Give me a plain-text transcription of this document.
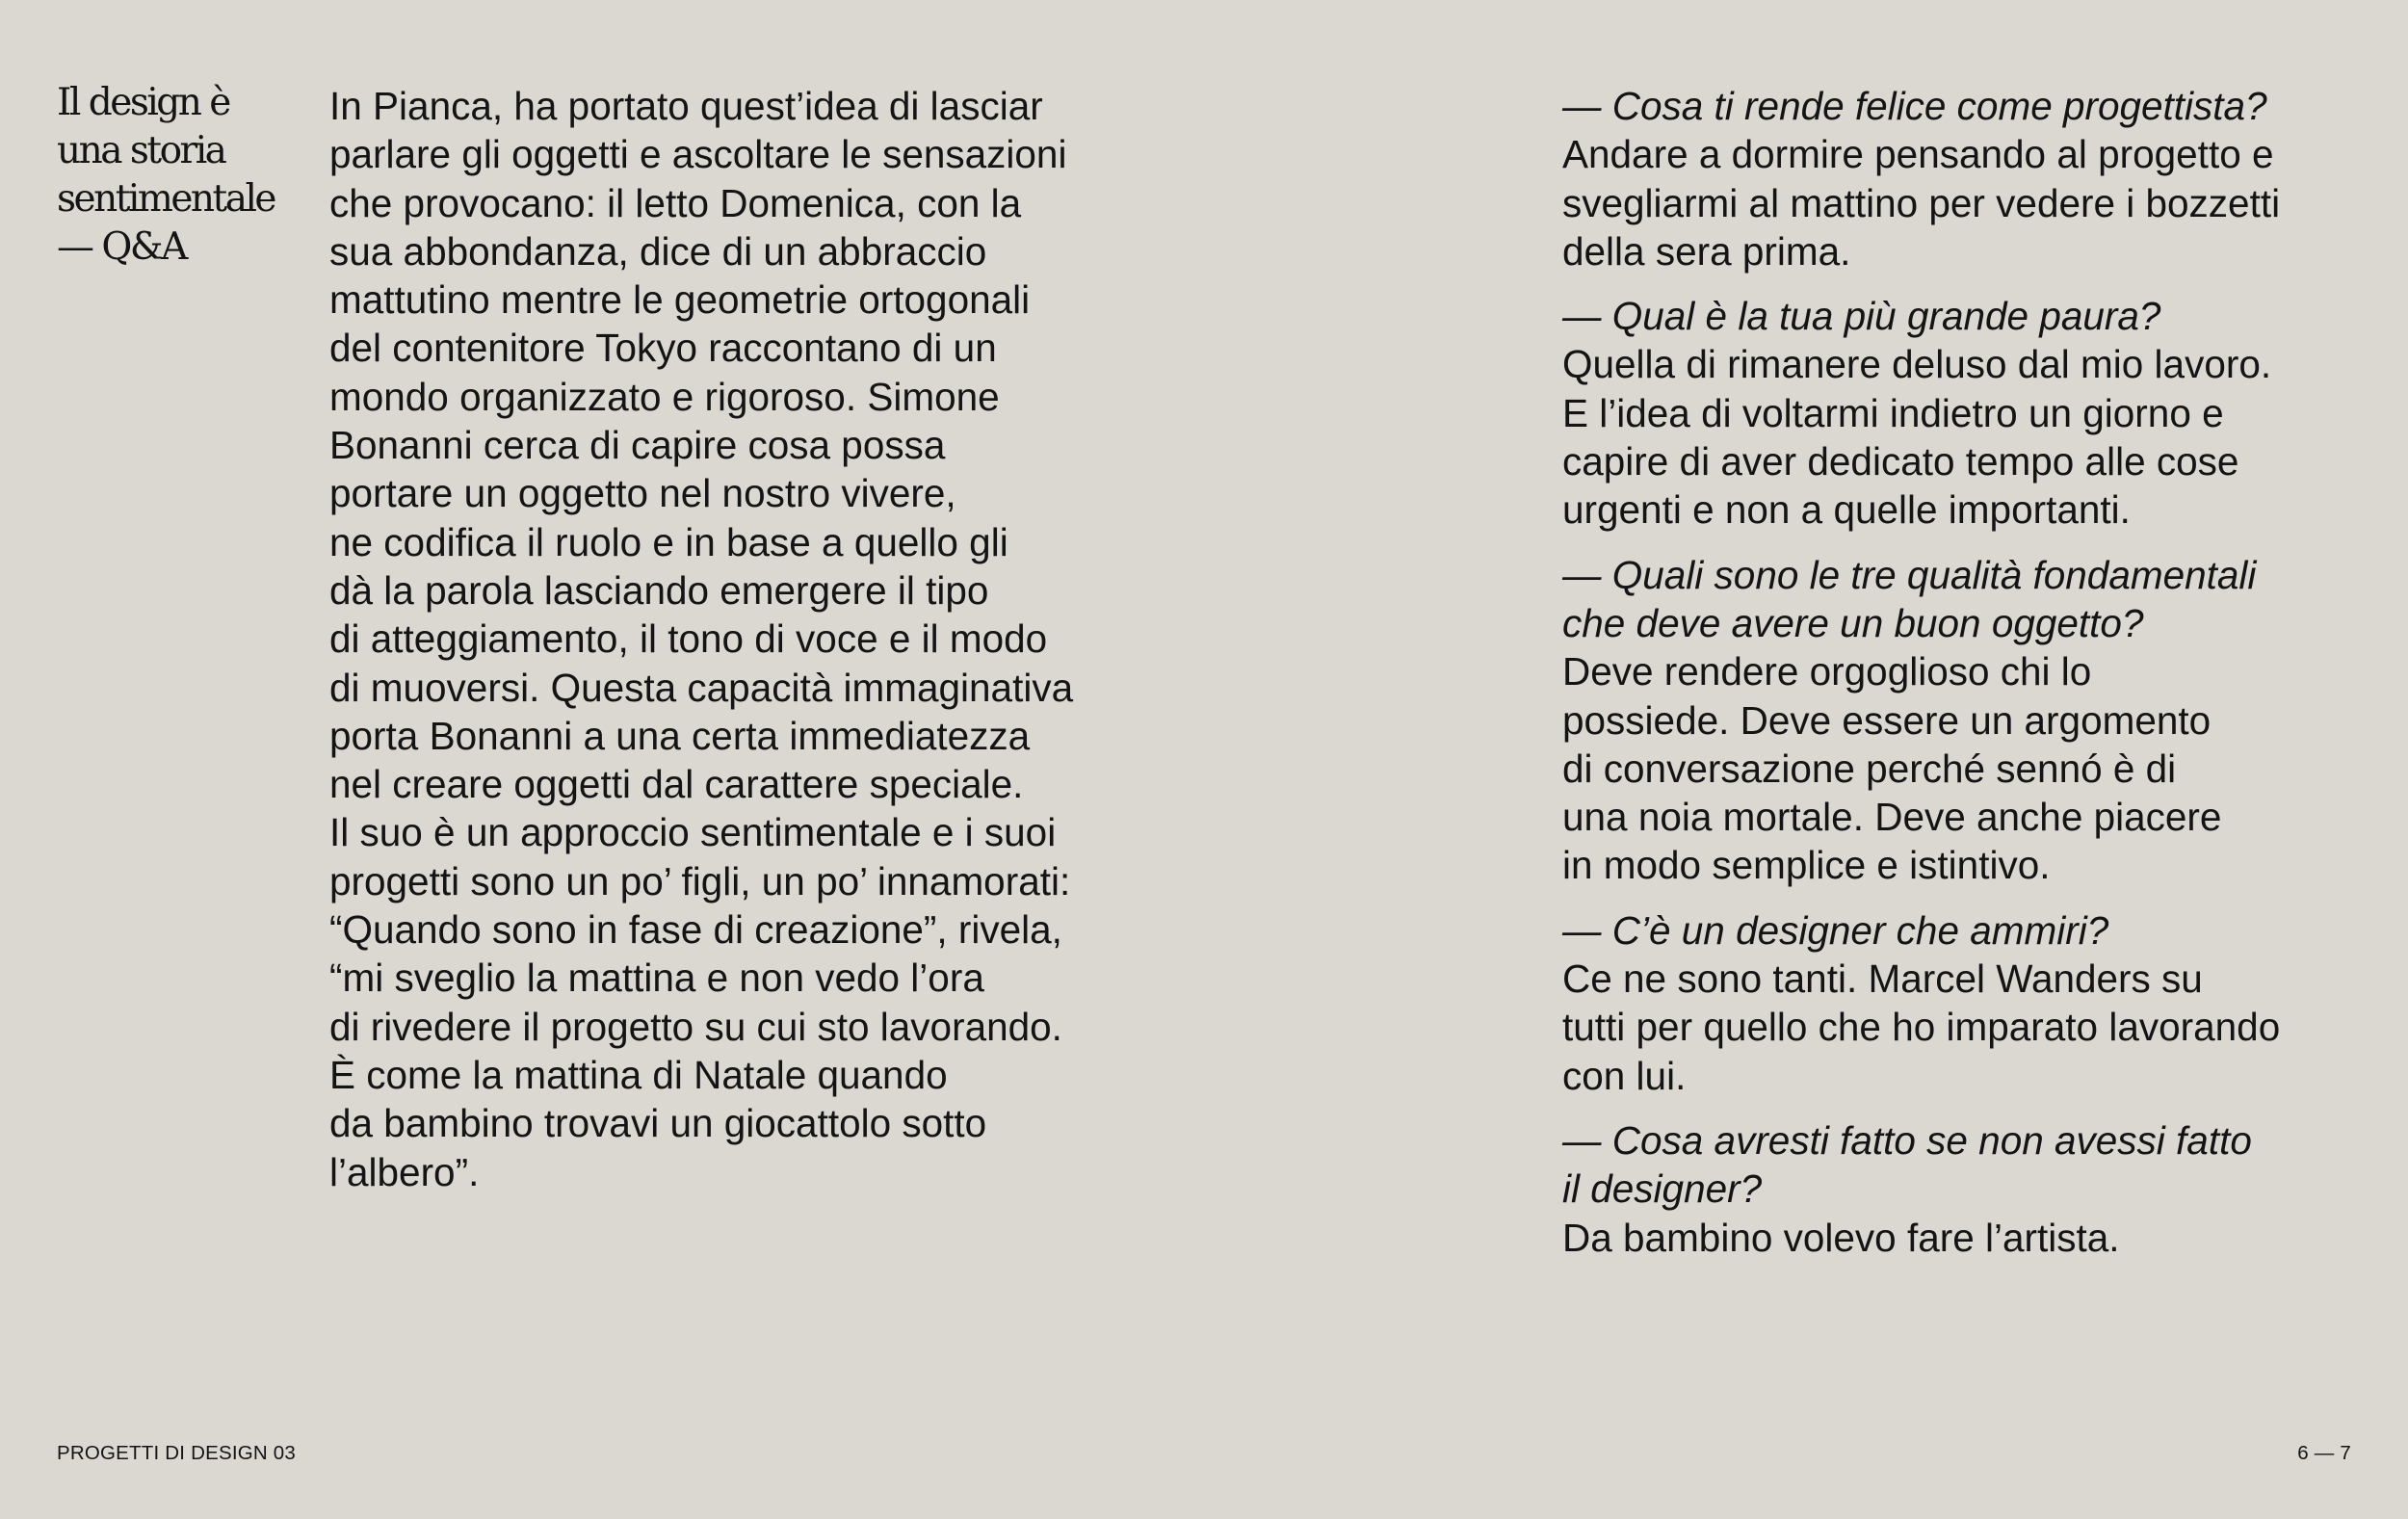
Il design è
una storia
sentimentale
— Q&A
In Pianca, ha portato quest’idea di lasciar
parlare gli oggetti e ascoltare le sensazioni
che provocano: il letto Domenica, con la
sua abbondanza, dice di un abbraccio
mattutino mentre le geometrie ortogonali
del contenitore Tokyo raccontano di un
mondo organizzato e rigoroso. Simone
Bonanni cerca di capire cosa possa
portare un oggetto nel nostro vivere,
ne codifica il ruolo e in base a quello gli
dà la parola lasciando emergere il tipo
di atteggiamento, il tono di voce e il modo
di muoversi. Questa capacità immaginativa
porta Bonanni a una certa immediatezza
nel creare oggetti dal carattere speciale.
Il suo è un approccio sentimentale e i suoi
progetti sono un po’ figli, un po’ innamorati:
“Quando sono in fase di creazione”, rivela,
“mi sveglio la mattina e non vedo l’ora
di rivedere il progetto su cui sto lavorando.
È come la mattina di Natale quando
da bambino trovavi un giocattolo sotto
l’albero”.
— Cosa ti rende felice come progettista?
Andare a dormire pensando al progetto e
svegliarmi al mattino per vedere i bozzetti
della sera prima.
— Qual è la tua più grande paura?
Quella di rimanere deluso dal mio lavoro.
E l’idea di voltarmi indietro un giorno e
capire di aver dedicato tempo alle cose
urgenti e non a quelle importanti.
— Quali sono le tre qualità fondamentali
che deve avere un buon oggetto?
Deve rendere orgoglioso chi lo
possiede. Deve essere un argomento
di conversazione perché sennó è di
una noia mortale. Deve anche piacere
in modo semplice e istintivo.
— C’è un designer che ammiri?
Ce ne sono tanti. Marcel Wanders su
tutti per quello che ho imparato lavorando
con lui.
— Cosa avresti fatto se non avessi fatto
il designer?
Da bambino volevo fare l’artista.
PROGETTI DI DESIGN 03	6 — 7
